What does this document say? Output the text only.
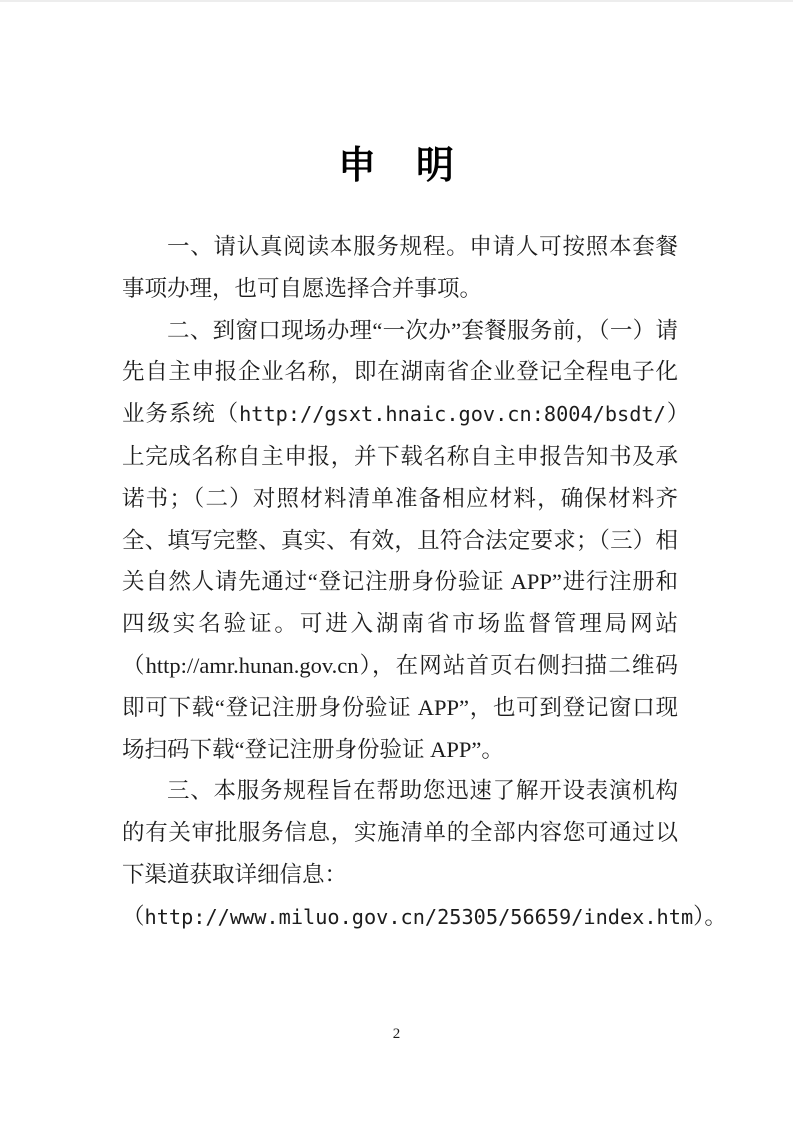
申　明

一、请认真阅读本服务规程。申请人可按照本套餐事项办理，也可自愿选择合并事项。

二、到窗口现场办理“一次办”套餐服务前，（一）请先自主申报企业名称，即在湖南省企业登记全程电子化业务系统（http://gsxt.hnaic.gov.cn:8004/bsdt/）上完成名称自主申报，并下载名称自主申报告知书及承诺书；（二）对照材料清单准备相应材料，确保材料齐全、填写完整、真实、有效，且符合法定要求；（三）相关自然人请先通过“登记注册身份验证 APP”进行注册和四级实名验证。可进入湖南省市场监督管理局网站（http://amr.hunan.gov.cn），在网站首页右侧扫描二维码即可下载“登记注册身份验证 APP”，也可到登记窗口现场扫码下载“登记注册身份验证 APP”。

三、本服务规程旨在帮助您迅速了解开设表演机构的有关审批服务信息，实施清单的全部内容您可通过以下渠道获取详细信息：

（http://www.miluo.gov.cn/25305/56659/index.htm）。

2
